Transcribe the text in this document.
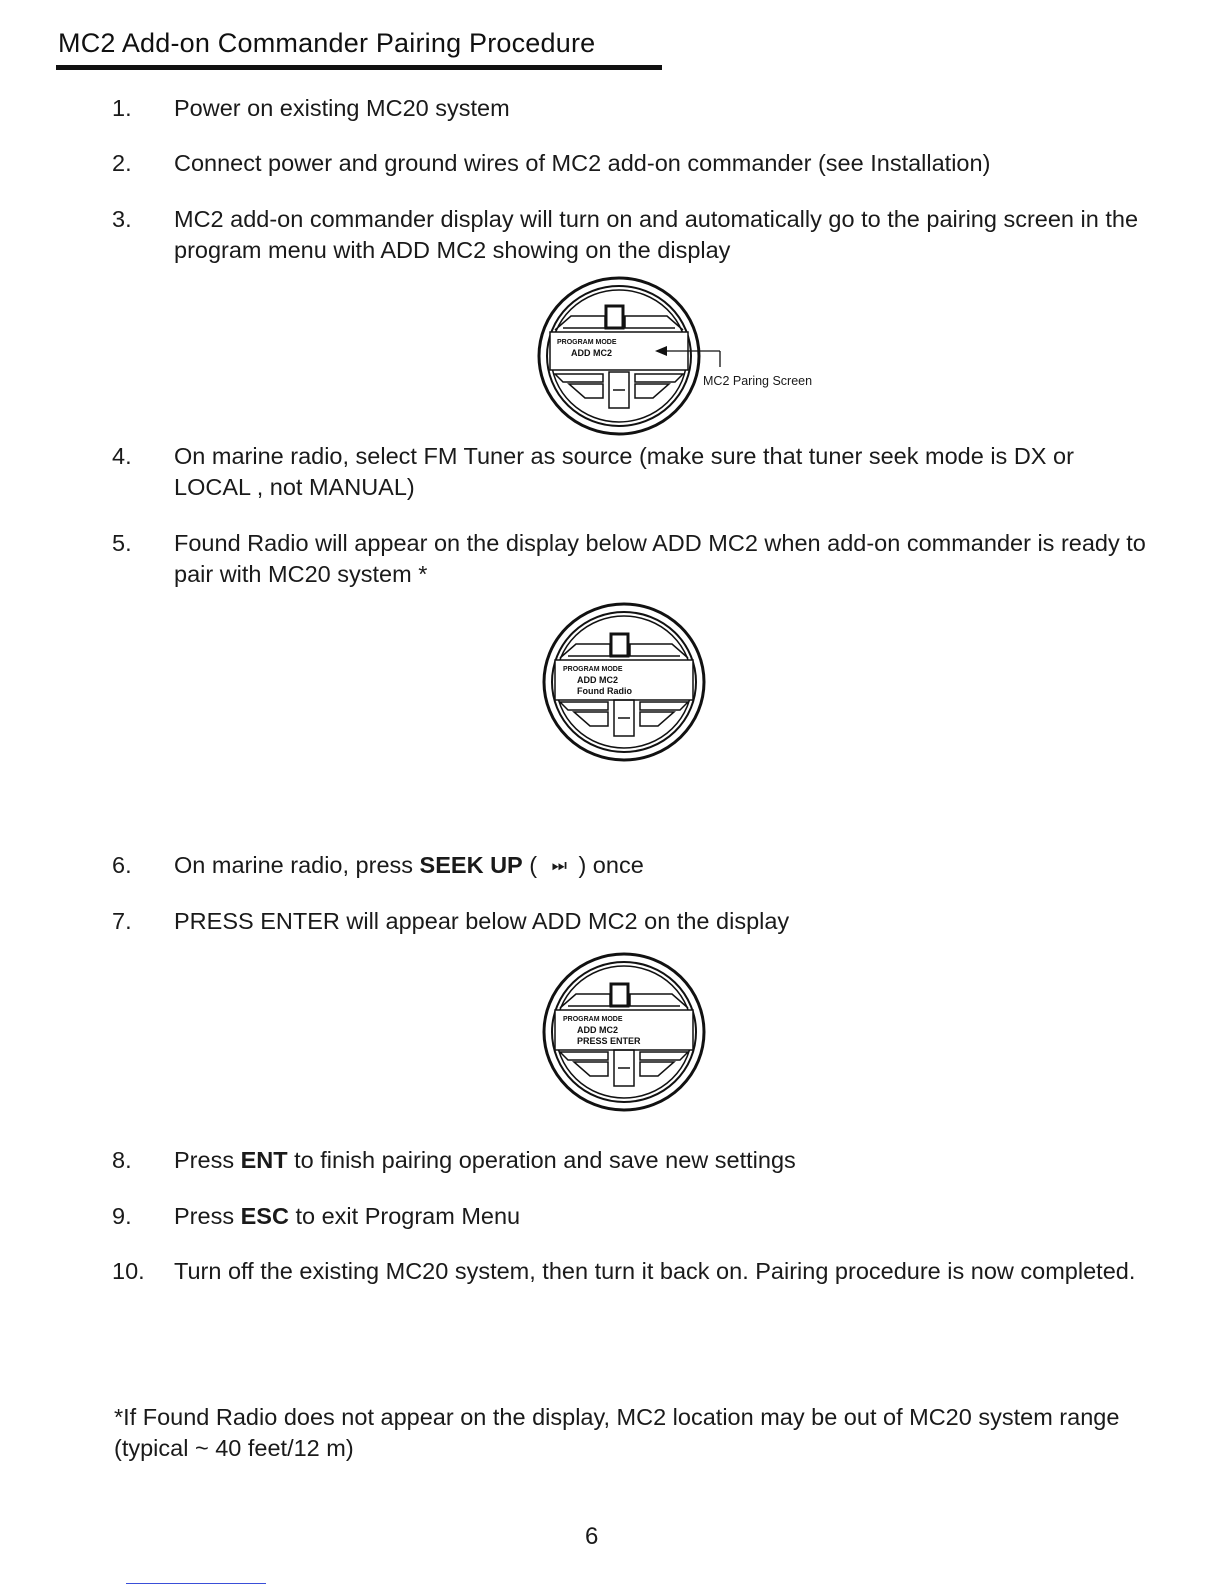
MC2 Add-on Commander Pairing Procedure
1. Power on existing MC20 system
2. Connect power and ground wires of MC2 add-on commander (see Installation)
3. MC2 add-on commander display will turn on and automatically go to the pairing screen in the program menu with ADD MC2 showing on the display
PROGRAM MODE
ADD MC2
MC2 Paring Screen
4. On marine radio, select FM Tuner as source (make sure that tuner seek mode is DX or LOCAL , not MANUAL)
5. Found Radio will appear on the display below ADD MC2 when add-on commander is ready to pair with MC20 system *
PROGRAM MODE
ADD MC2
Found Radio
6. On marine radio, press SEEK UP ( ⏭ ) once
7. PRESS ENTER will appear below ADD MC2 on the display
PROGRAM MODE
ADD MC2
PRESS ENTER
8. Press ENT to finish pairing operation and save new settings
9. Press ESC to exit Program Menu
10. Turn off the existing MC20 system, then turn it back on. Pairing procedure is now completed.
*If Found Radio does not appear on the display, MC2 location may be out of MC20 system range (typical ~ 40 feet/12 m)
6
